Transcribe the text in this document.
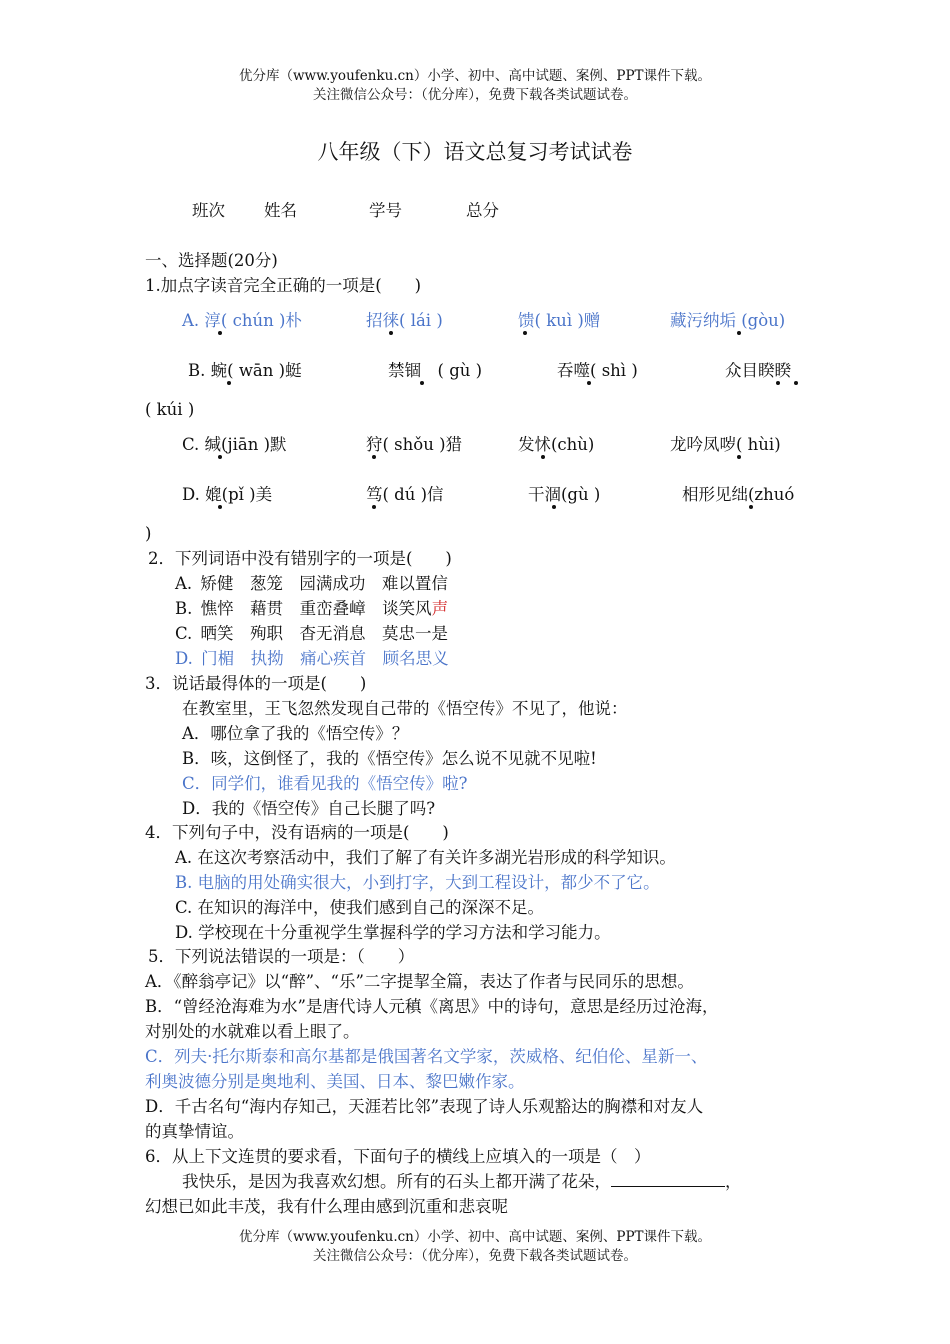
优分库（www.youfenku.cn）小学、初中、高中试题、案例、PPT课件下载。
关注微信公众号：（优分库），免费下载各类试题试卷。
八年级（下）语文总复习考试试卷
班次 姓名	学号	总分
一、选择题(20分)
1.加点字读音完全正确的一项是(　　)
A. 淳( chún )朴	招徕( lái )	馈( kuì )赠	藏污纳垢 (gòu)
B. 蜿( wān )蜓	禁锢　( gù )	吞噬( shì )	众目睽睽
( kúi )
C. 缄(jiān )默	狩( shǒu )猎	发怵(chù)	龙吟凤哕( hùi)
D. 媲(pǐ )美	笃( dú )信	干涸(gù )	相形见绌(zhuó
)
2．下列词语中没有错别字的一项是(　　)
A. 矫健　葱笼　园满成功　难以置信
B. 憔悴　藉贯　重峦叠嶂　谈笑风声
C. 晒笑　殉职　杳无消息　莫忠一是
D. 门楣　执拗　痛心疾首　顾名思义
3．说话最得体的一项是(　　)
在教室里，王飞忽然发现自己带的《悟空传》不见了，他说：
A．哪位拿了我的《悟空传》？
B．咳，这倒怪了，我的《悟空传》怎么说不见就不见啦!
C．同学们，谁看见我的《悟空传》啦?
D．我的《悟空传》自己长腿了吗?
4．下列句子中，没有语病的一项是(　　)
A. 在这次考察活动中，我们了解了有关许多湖光岩形成的科学知识。
B. 电脑的用处确实很大，小到打字，大到工程设计，都少不了它。
C. 在知识的海洋中，使我们感到自己的深深不足。
D. 学校现在十分重视学生掌握科学的学习方法和学习能力。
5．下列说法错误的一项是：（　　）
A．《醉翁亭记》以“醉”、“乐”二字提挈全篇，表达了作者与民同乐的思想。
B．“曾经沧海难为水”是唐代诗人元稹《离思》中的诗句，意思是经历过沧海，
对别处的水就难以看上眼了。
C．列夫·托尔斯泰和高尔基都是俄国著名文学家，茨威格、纪伯伦、星新一、
利奥波德分别是奥地利、美国、日本、黎巴嫩作家。
D．千古名句“海内存知己，天涯若比邻”表现了诗人乐观豁达的胸襟和对友人
的真挚情谊。
6．从上下文连贯的要求看，下面句子的横线上应填入的一项是（　）
我快乐，是因为我喜欢幻想。所有的石头上都开满了花朵，	，
幻想已如此丰茂，我有什么理由感到沉重和悲哀呢
优分库（www.youfenku.cn）小学、初中、高中试题、案例、PPT课件下载。
关注微信公众号：（优分库），免费下载各类试题试卷。
